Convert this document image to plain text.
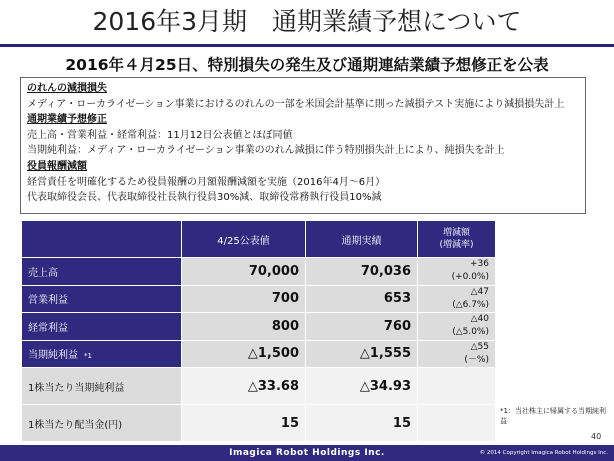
2016年3月期　通期業績予想について
2016年４月25日、特別損失の発生及び通期連結業績予想修正を公表
のれんの減損損失
メディア・ローカライゼーション事業におけるのれんの一部を米国会計基準に則った減損テスト実施により減損損失計上
通期業績予想修正
売上高・営業利益・経常利益：11月12日公表値とほぼ同値
当期純利益：メディア・ローカライゼーション事業ののれん減損に伴う特別損失計上により、純損失を計上
役員報酬減額
経営責任を明確化するため役員報酬の月額報酬減額を実施（2016年4月～6月）
代表取締役会長、代表取締役社長執行役員30%減、取締役常務執行役員10%減
	4/25公表値	通期実績	増減額
(増減率)
売上高	70,000	70,036	+36
(+0.0%)
営業利益	700	653	△47
(△6.7%)
経常利益	800	760	△40
(△5.0%)
当期純利益 *1	△1,500	△1,555	△55
(－%)
1株当たり当期純利益	△33.68	△34.93	
1株当たり配当金(円)	15	15	
*1：当社株主に帰属する当期純利益
40
Imagica Robot Holdings Inc.	© 2014 Copyright Imagica Robot Holdings Inc.
